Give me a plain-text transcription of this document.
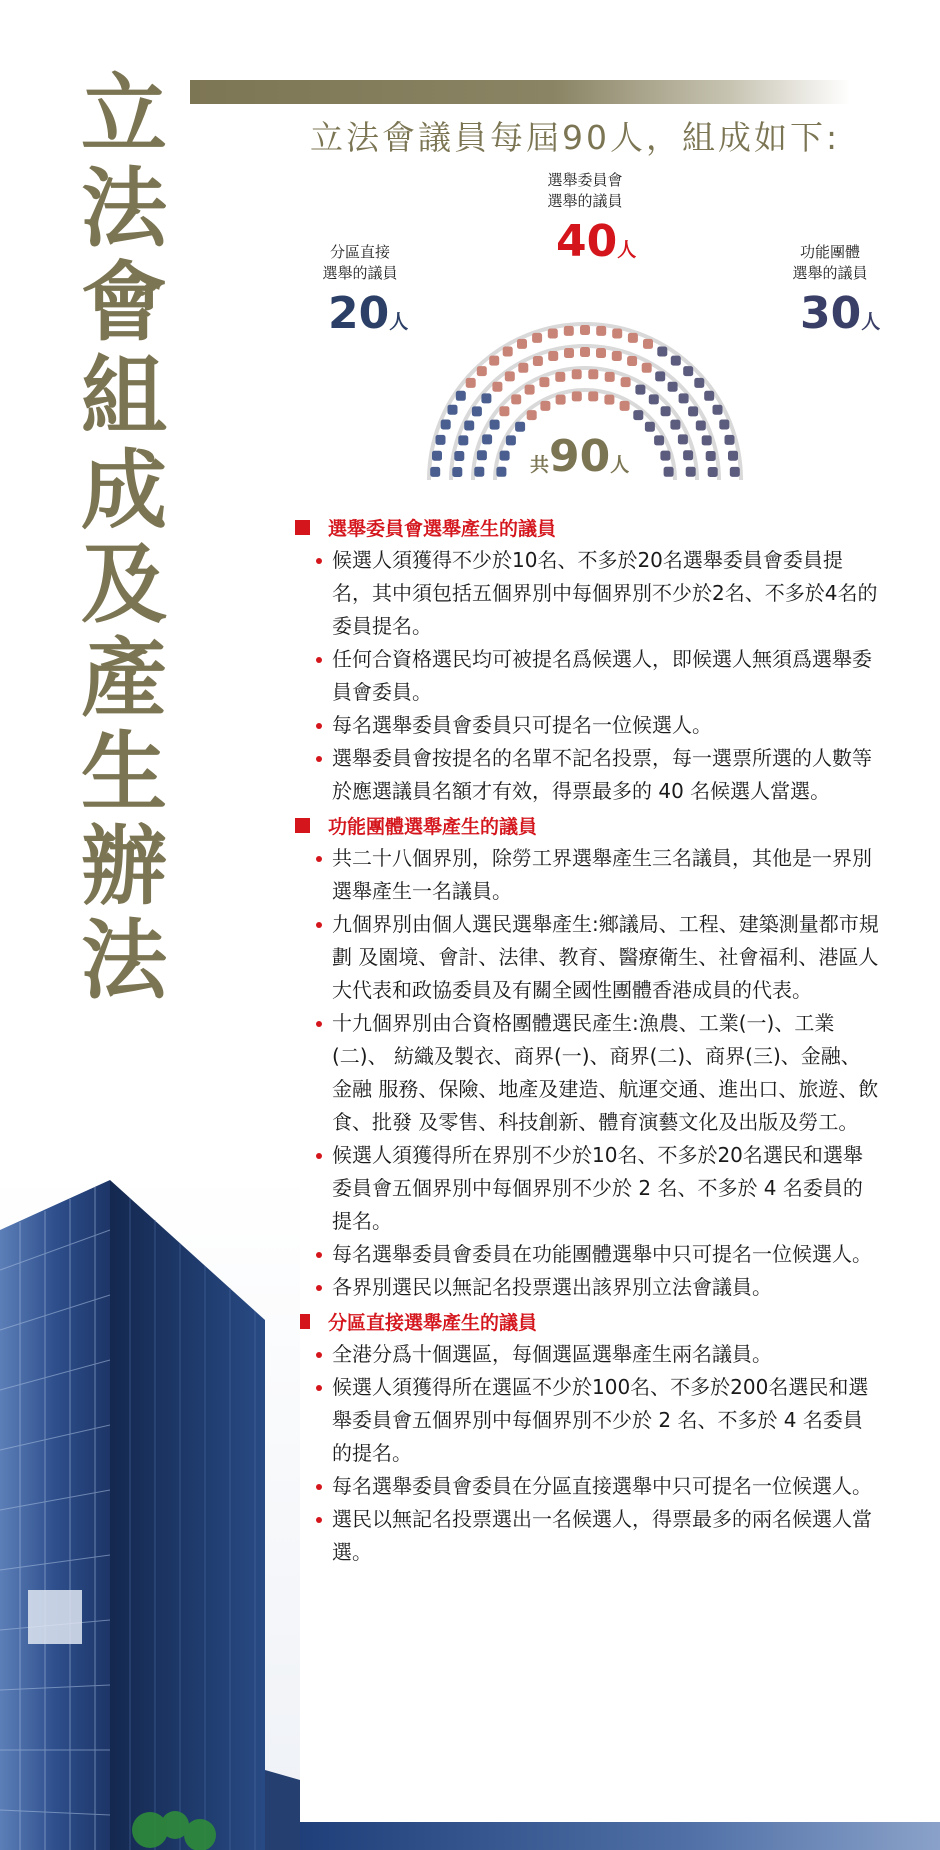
立
法
會
組
成
及
產
生
辦
法
立法會議員每屆90人，組成如下:
分區直接
選舉的議員
20人
選舉委員會
選舉的議員
40人	功能團體
選舉的議員
30人
共90人
選舉委員會選舉產生的議員
候選人須獲得不少於10名、不多於20名選舉委員會委員提名，其中須包括五個界別中每個界別不少於2名、不多於4名的委員提名。
任何合資格選民均可被提名爲候選人，即候選人無須爲選舉委員會委員。
每名選舉委員會委員只可提名一位候選人。
選舉委員會按提名的名單不記名投票，每一選票所選的人數等於應選議員名額才有效，得票最多的 40 名候選人當選。
功能團體選舉產生的議員
共二十八個界別，除勞工界選舉產生三名議員，其他是一界別選舉產生一名議員。
九個界別由個人選民選舉產生:鄉議局、工程、建築測量都市規劃 及園境、會計、法律、教育、醫療衛生、社會福利、港區人大代表和政協委員及有關全國性團體香港成員的代表。
十九個界別由合資格團體選民產生:漁農、工業(一)、工業(二)、 紡織及製衣、商界(一)、商界(二)、商界(三)、金融、金融 服務、保險、地產及建造、航運交通、進出口、旅遊、飲食、批發 及零售、科技創新、體育演藝文化及出版及勞工。
候選人須獲得所在界別不少於10名、不多於20名選民和選舉委員會五個界別中每個界別不少於 2 名、不多於 4 名委員的提名。
每名選舉委員會委員在功能團體選舉中只可提名一位候選人。
各界別選民以無記名投票選出該界別立法會議員。
分區直接選舉產生的議員
全港分爲十個選區，每個選區選舉產生兩名議員。
候選人須獲得所在選區不少於100名、不多於200名選民和選舉委員會五個界別中每個界別不少於 2 名、不多於 4 名委員的提名。
每名選舉委員會委員在分區直接選舉中只可提名一位候選人。
選民以無記名投票選出一名候選人，得票最多的兩名候選人當選。
